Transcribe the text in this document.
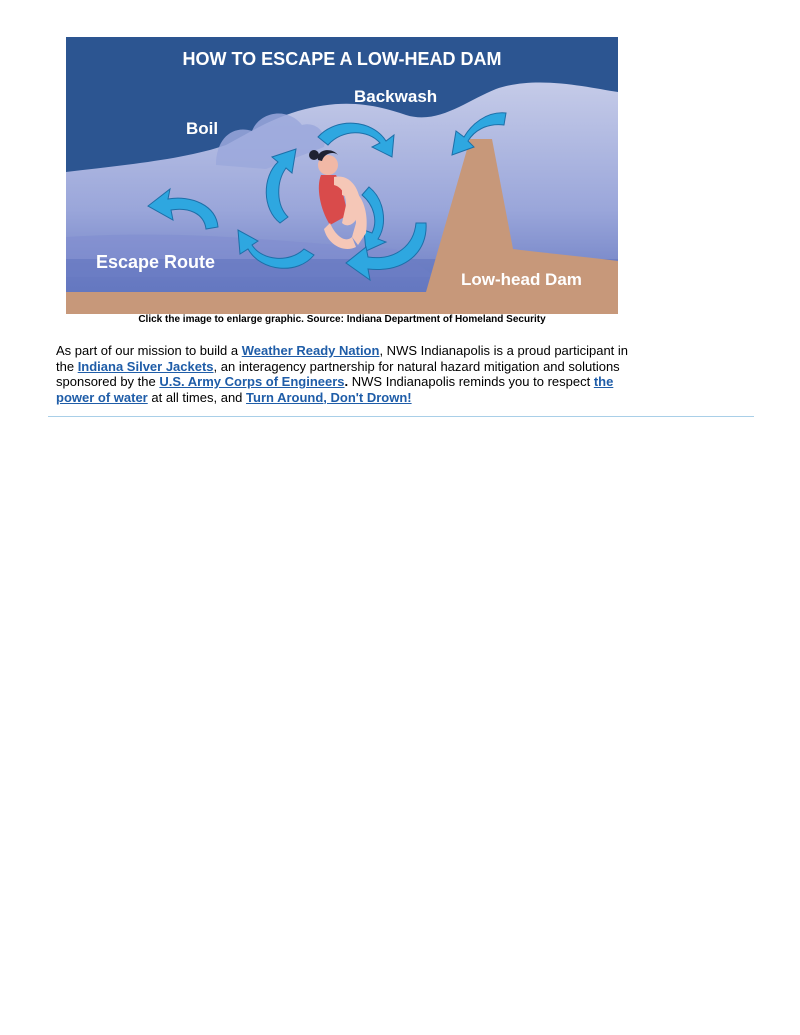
HOW TO ESCAPE A LOW-HEAD DAM
Backwash
Boil
Escape Route
Low-head Dam
Click the image to enlarge graphic. Source: Indiana Department of Homeland Security
As part of our mission to build a Weather Ready Nation, NWS Indianapolis is a proud participant in the Indiana Silver Jackets, an interagency partnership for natural hazard mitigation and solutions sponsored by the U.S. Army Corps of Engineers. NWS Indianapolis reminds you to respect the power of water at all times, and Turn Around, Don't Drown!
